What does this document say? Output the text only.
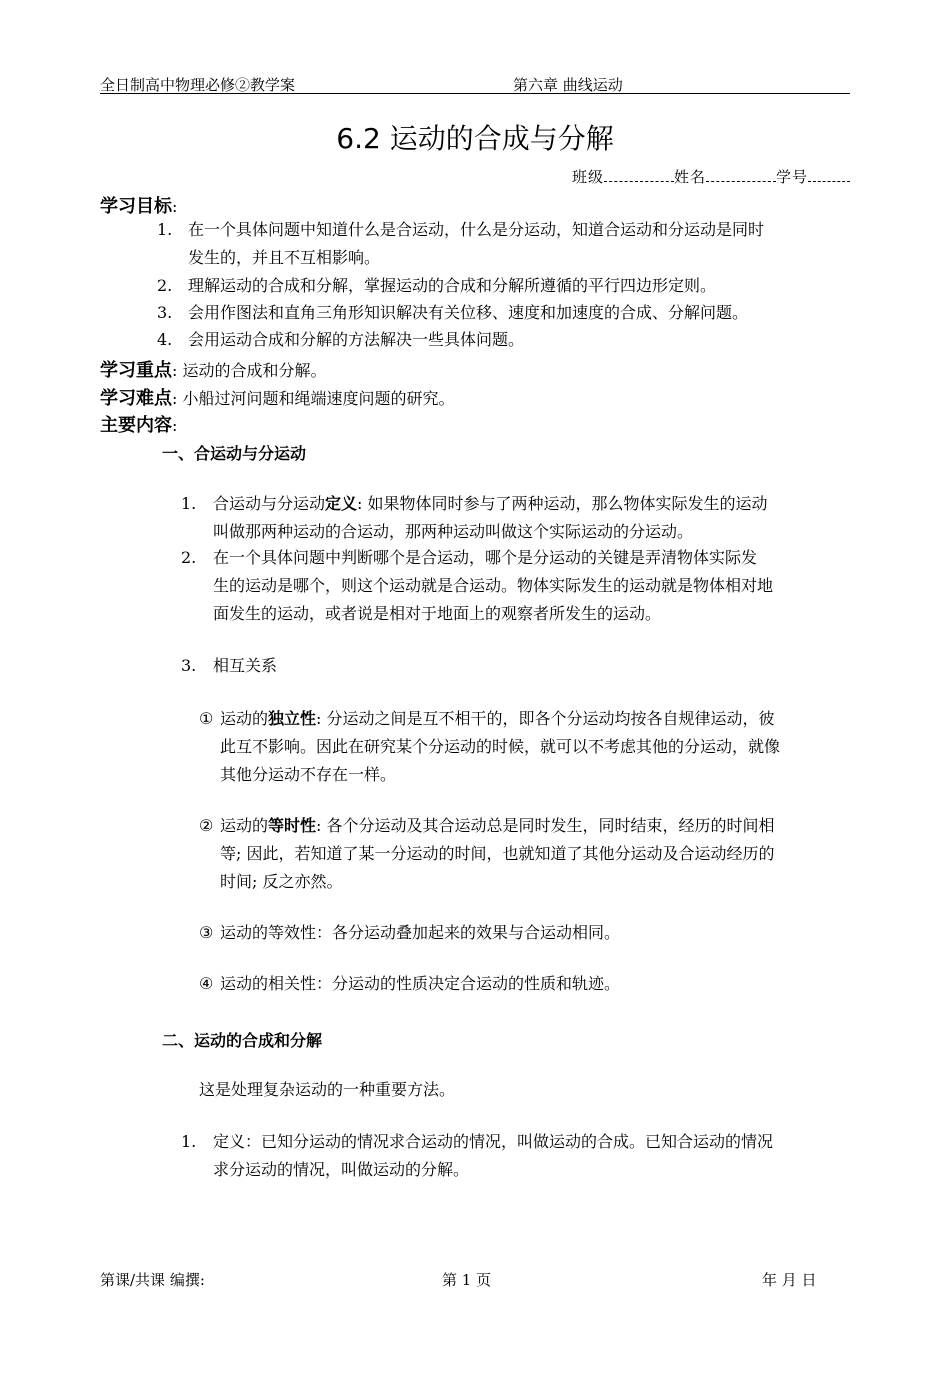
全日制高中物理必修②教学案	第六章 曲线运动
6.2 运动的合成与分解
班级	姓名	学号
学习目标:
1. 在一个具体问题中知道什么是合运动，什么是分运动，知道合运动和分运动是同时
发生的，并且不互相影响。
2. 理解运动的合成和分解，掌握运动的合成和分解所遵循的平行四边形定则。
3. 会用作图法和直角三角形知识解决有关位移、速度和加速度的合成、分解问题。
4. 会用运动合成和分解的方法解决一些具体问题。
学习重点: 运动的合成和分解。
学习难点: 小船过河问题和绳端速度问题的研究。
主要内容:
一、合运动与分运动
1. 合运动与分运动定义: 如果物体同时参与了两种运动，那么物体实际发生的运动
叫做那两种运动的合运动，那两种运动叫做这个实际运动的分运动。
2. 在一个具体问题中判断哪个是合运动，哪个是分运动的关键是弄清物体实际发
生的运动是哪个，则这个运动就是合运动。物体实际发生的运动就是物体相对地
面发生的运动，或者说是相对于地面上的观察者所发生的运动。
3. 相互关系
① 运动的独立性: 分运动之间是互不相干的，即各个分运动均按各自规律运动，彼
此互不影响。因此在研究某个分运动的时候，就可以不考虑其他的分运动，就像
其他分运动不存在一样。
② 运动的等时性: 各个分运动及其合运动总是同时发生，同时结束，经历的时间相
等; 因此，若知道了某一分运动的时间，也就知道了其他分运动及合运动经历的
时间; 反之亦然。
③ 运动的等效性：各分运动叠加起来的效果与合运动相同。
④ 运动的相关性：分运动的性质决定合运动的性质和轨迹。
二、运动的合成和分解
这是处理复杂运动的一种重要方法。
1. 定义：已知分运动的情况求合运动的情况，叫做运动的合成。已知合运动的情况
求分运动的情况，叫做运动的分解。
第课/共课 编撰:	第 1 页	年 月 日
